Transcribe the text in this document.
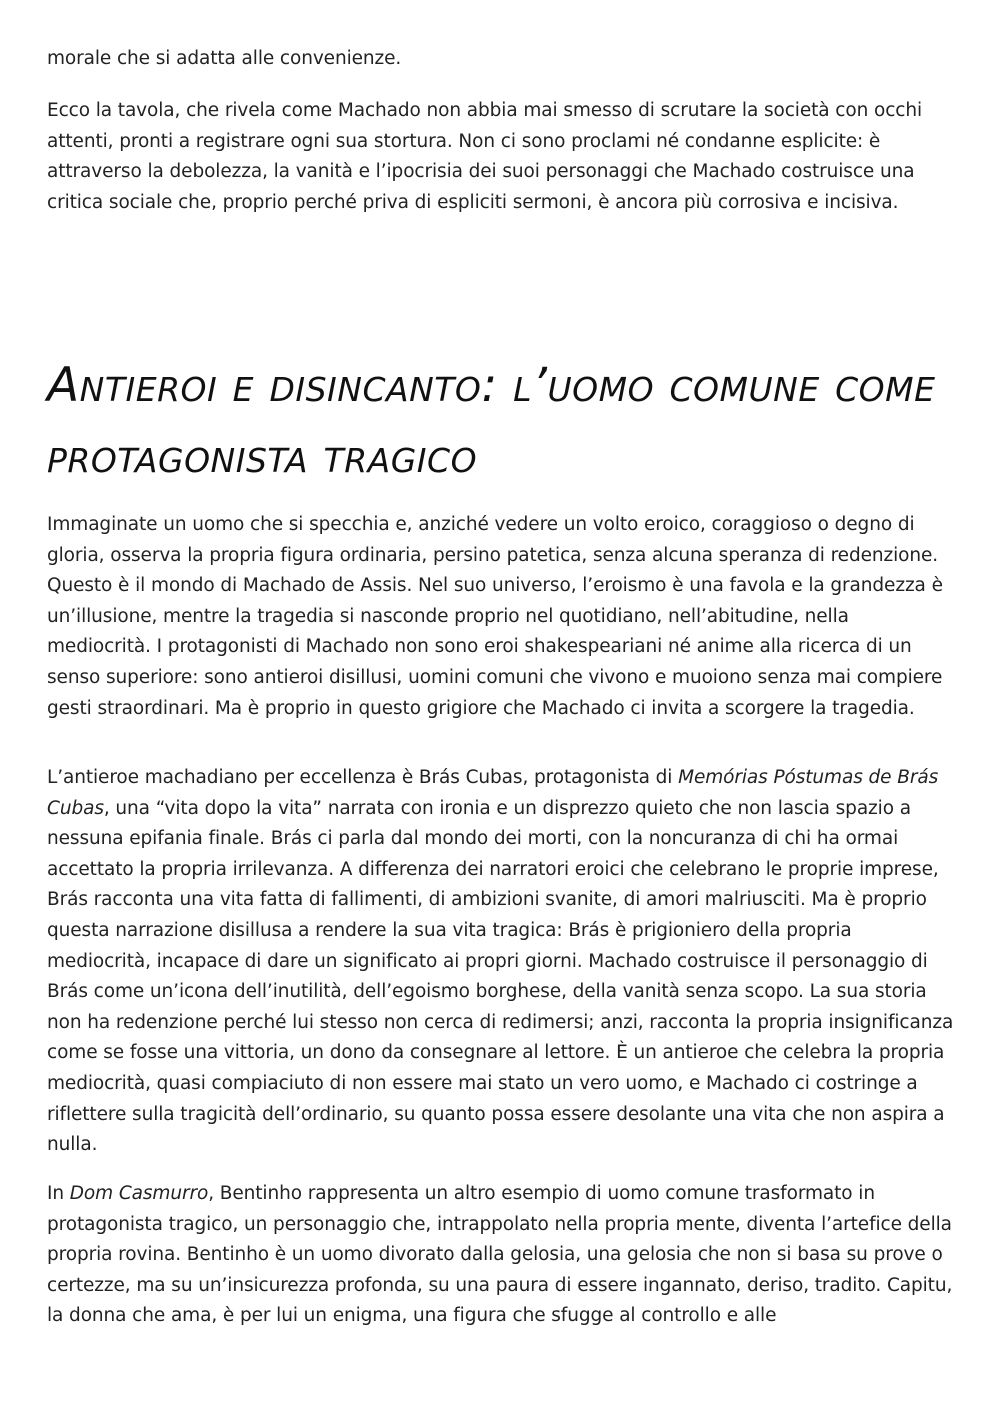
morale che si adatta alle convenienze.

Ecco la tavola, che rivela come Machado non abbia mai smesso di scrutare la società con occhi attenti, pronti a registrare ogni sua stortura. Non ci sono proclami né condanne esplicite: è attraverso la debolezza, la vanità e l’ipocrisia dei suoi personaggi che Machado costruisce una critica sociale che, proprio perché priva di espliciti sermoni, è ancora più corrosiva e incisiva.

Antieroi e disincanto: l’uomo comune come protagonista tragico

Immaginate un uomo che si specchia e, anziché vedere un volto eroico, coraggioso o degno di gloria, osserva la propria figura ordinaria, persino patetica, senza alcuna speranza di redenzione. Questo è il mondo di Machado de Assis. Nel suo universo, l’eroismo è una favola e la grandezza è un’illusione, mentre la tragedia si nasconde proprio nel quotidiano, nell’abitudine, nella mediocrità. I protagonisti di Machado non sono eroi shakespeariani né anime alla ricerca di un senso superiore: sono antieroi disillusi, uomini comuni che vivono e muoiono senza mai compiere gesti straordinari. Ma è proprio in questo grigiore che Machado ci invita a scorgere la tragedia.

L’antieroe machadiano per eccellenza è Brás Cubas, protagonista di Memórias Póstumas de Brás Cubas, una “vita dopo la vita” narrata con ironia e un disprezzo quieto che non lascia spazio a nessuna epifania finale. Brás ci parla dal mondo dei morti, con la noncuranza di chi ha ormai accettato la propria irrilevanza. A differenza dei narratori eroici che celebrano le proprie imprese, Brás racconta una vita fatta di fallimenti, di ambizioni svanite, di amori malriusciti. Ma è proprio questa narrazione disillusa a rendere la sua vita tragica: Brás è prigioniero della propria mediocrità, incapace di dare un significato ai propri giorni. Machado costruisce il personaggio di Brás come un’icona dell’inutilità, dell’egoismo borghese, della vanità senza scopo. La sua storia non ha redenzione perché lui stesso non cerca di redimersi; anzi, racconta la propria insignificanza come se fosse una vittoria, un dono da consegnare al lettore. È un antieroe che celebra la propria mediocrità, quasi compiaciuto di non essere mai stato un vero uomo, e Machado ci costringe a riflettere sulla tragicità dell’ordinario, su quanto possa essere desolante una vita che non aspira a nulla.

In Dom Casmurro, Bentinho rappresenta un altro esempio di uomo comune trasformato in protagonista tragico, un personaggio che, intrappolato nella propria mente, diventa l’artefice della propria rovina. Bentinho è un uomo divorato dalla gelosia, una gelosia che non si basa su prove o certezze, ma su un’insicurezza profonda, su una paura di essere ingannato, deriso, tradito. Capitu, la donna che ama, è per lui un enigma, una figura che sfugge al controllo e alle
